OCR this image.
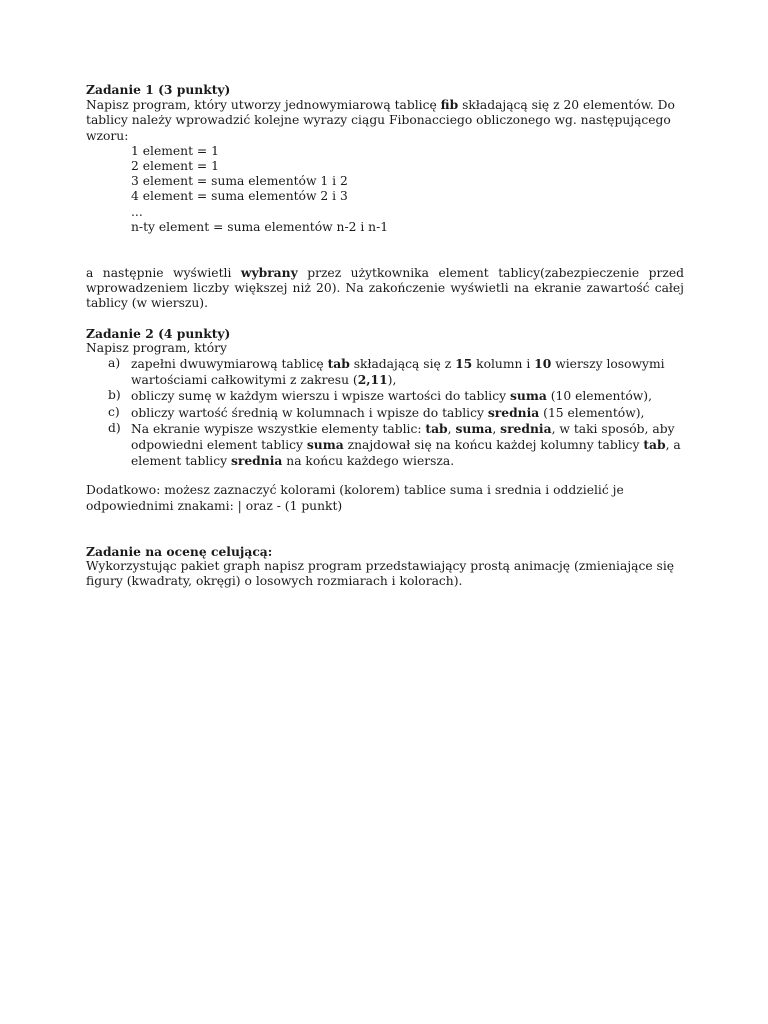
Zadanie 1 (3 punkty)

Napisz program, który utworzy jednowymiarową tablicę fib składającą się z 20 elementów. Do tablicy należy wprowadzić kolejne wyrazy ciągu Fibonacciego obliczonego wg. następującego wzoru:

1 element = 1

2 element = 1

3 element = suma elementów 1 i 2

4 element = suma elementów 2 i 3

...

n-ty element = suma elementów n-2 i n-1

a następnie wyświetli wybrany przez użytkownika element tablicy(zabezpieczenie przed wprowadzeniem liczby większej niż 20). Na zakończenie wyświetli na ekranie zawartość całej tablicy (w wierszu).

Zadanie 2 (4 punkty)

Napisz program, który

a) zapełni dwuwymiarową tablicę tab składającą się z 15 kolumn i 10 wierszy losowymi wartościami całkowitymi z zakresu (2,11),
b) obliczy sumę w każdym wierszu i wpisze wartości do tablicy suma (10 elementów),
c) obliczy wartość średnią w kolumnach i wpisze do tablicy srednia (15 elementów),
d) Na ekranie wypisze wszystkie elementy tablic: tab, suma, srednia, w taki sposób, aby odpowiedni element tablicy suma znajdował się na końcu każdej kolumny tablicy tab, a element tablicy srednia na końcu każdego wiersza.

Dodatkowo: możesz zaznaczyć kolorami (kolorem) tablice suma i srednia i oddzielić je odpowiednimi znakami: | oraz - (1 punkt)

Zadanie na ocenę celującą:

Wykorzystując pakiet graph napisz program przedstawiający prostą animację (zmieniające się figury (kwadraty, okręgi) o losowych rozmiarach i kolorach).
